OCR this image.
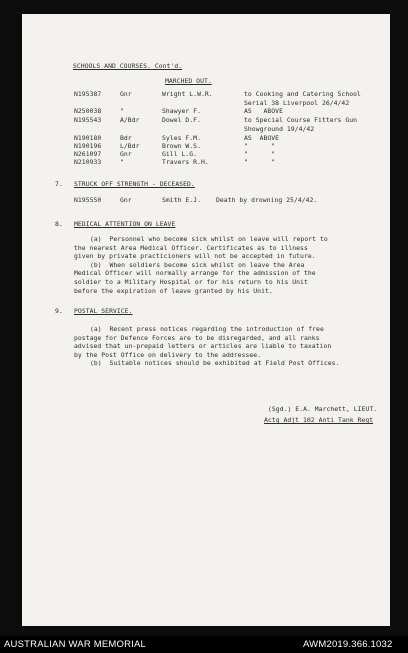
˘
SCHOOLS AND COURSES. Cont'd.
MARCHED OUT.
N195387	Gnr	Wright L.W.R.	to Cooking and Catering School
Serial 38 Liverpool 26/4/42
N250038	"	Shawyer F.	AS   ABOVE
N195543	A/Bdr	Dowel D.F.	to Special Course Fitters Gun
Showground 19/4/42
N190180	Bdr	Syles F.M.	AS  ABOVE
N190196	L/Bdr	Brown W.S.	"      "
N261097	Gnr	Gill L.G.	"      "
N210933	"	Travers R.H.	"      "
7. STRUCK OFF STRENGTH - DECEASED.
N195550	Gnr	Smith E.J. Death by drowning 25/4/42.
8. MEDICAL ATTENTION ON LEAVE
(a)  Personnel who become sick whilst on leave will report to
the nearest Area Medical Officer. Certificates as to illness
given by private practicioners will not be accepted in future.
(b)  When soldiers become sick whilst on leave the Area
Medical Officer will normally arrange for the admission of the
soldier to a Military Hospital or for his return to his Unit
before the expiration of leave granted by his Unit.
9. POSTAL SERVICE.
(a)  Recent press notices regarding the introduction of free
postage for Defence Forces are to be disregarded, and all ranks
advised that un-prepaid letters or articles are liable to taxation
by the Post Office on delivery to the addressee.
(b)  Suitable notices should be exhibited at Field Post Offices.
(Sgd.) E.A. Marchett, LIEUT.
Actg Adjt 102 Anti Tank Regt
AUSTRALIAN WAR MEMORIAL	AWM2019.366.1032
